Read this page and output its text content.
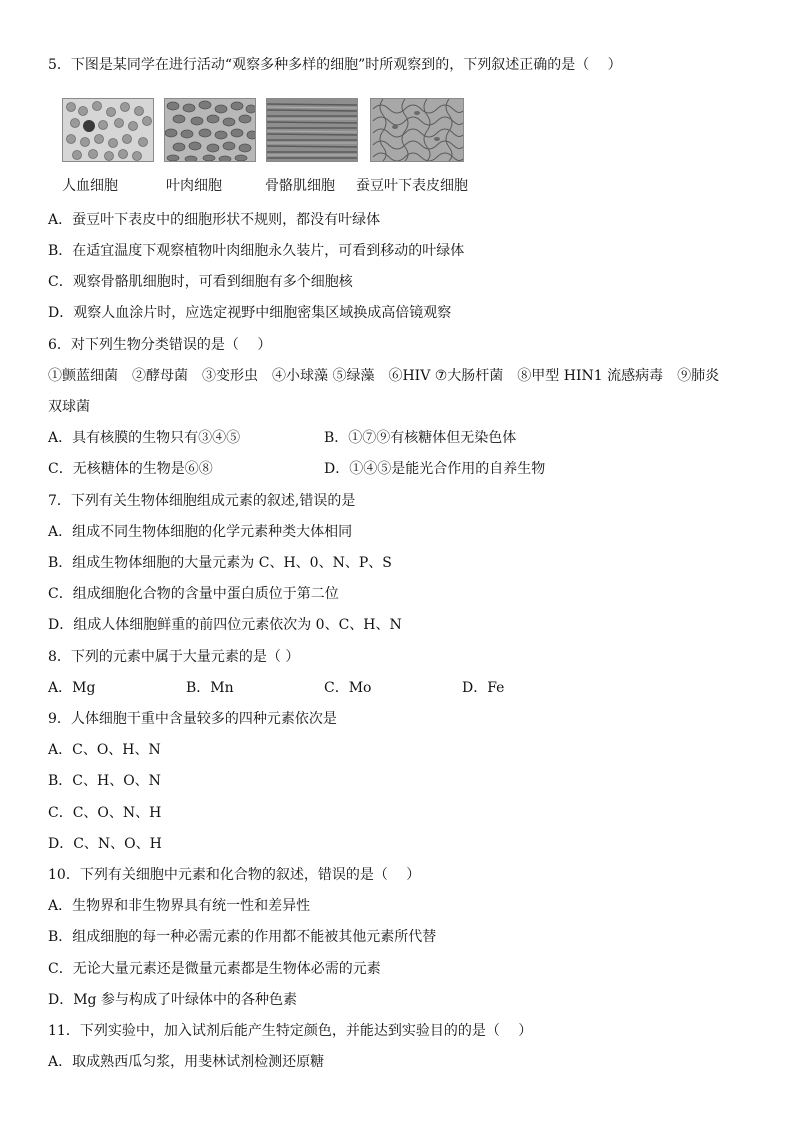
5．下图是某同学在进行活动“观察多种多样的细胞”时所观察到的，下列叙述正确的是（　 ）
人血细胞	叶肉细胞	骨骼肌细胞 蚕豆叶下表皮细胞
A．蚕豆叶下表皮中的细胞形状不规则，都没有叶绿体
B．在适宜温度下观察植物叶肉细胞永久装片，可看到移动的叶绿体
C．观察骨骼肌细胞时，可看到细胞有多个细胞核
D．观察人血涂片时，应选定视野中细胞密集区域换成高倍镜观察
6．对下列生物分类错误的是（　 ）
①颤蓝细菌　②酵母菌　③变形虫　④小球藻 ⑤绿藻　⑥HIV ⑦大肠杆菌　⑧甲型 HIN1 流感病毒　⑨肺炎
双球菌
A．具有核膜的生物只有③④⑤	B．①⑦⑨有核糖体但无染色体
C．无核糖体的生物是⑥⑧	D．①④⑤是能光合作用的自养生物
7．下列有关生物体细胞组成元素的叙述,错误的是
A．组成不同生物体细胞的化学元素种类大体相同
B．组成生物体细胞的大量元素为 C、H、0、N、P、S
C．组成细胞化合物的含量中蛋白质位于第二位
D．组成人体细胞鲜重的前四位元素依次为 0、C、H、N
8．下列的元素中属于大量元素的是（ ）
A．Mg	B．Mn	C．Mo	D．Fe
9．人体细胞干重中含量较多的四种元素依次是
A．C、O、H、N
B．C、H、O、N
C．C、O、N、H
D．C、N、O、H
10．下列有关细胞中元素和化合物的叙述，错误的是（　 ）
A．生物界和非生物界具有统一性和差异性
B．组成细胞的每一种必需元素的作用都不能被其他元素所代替
C．无论大量元素还是微量元素都是生物体必需的元素
D．Mg 参与构成了叶绿体中的各种色素
11．下列实验中，加入试剂后能产生特定颜色，并能达到实验目的的是（　 ）
A．取成熟西瓜匀浆，用斐林试剂检测还原糖
